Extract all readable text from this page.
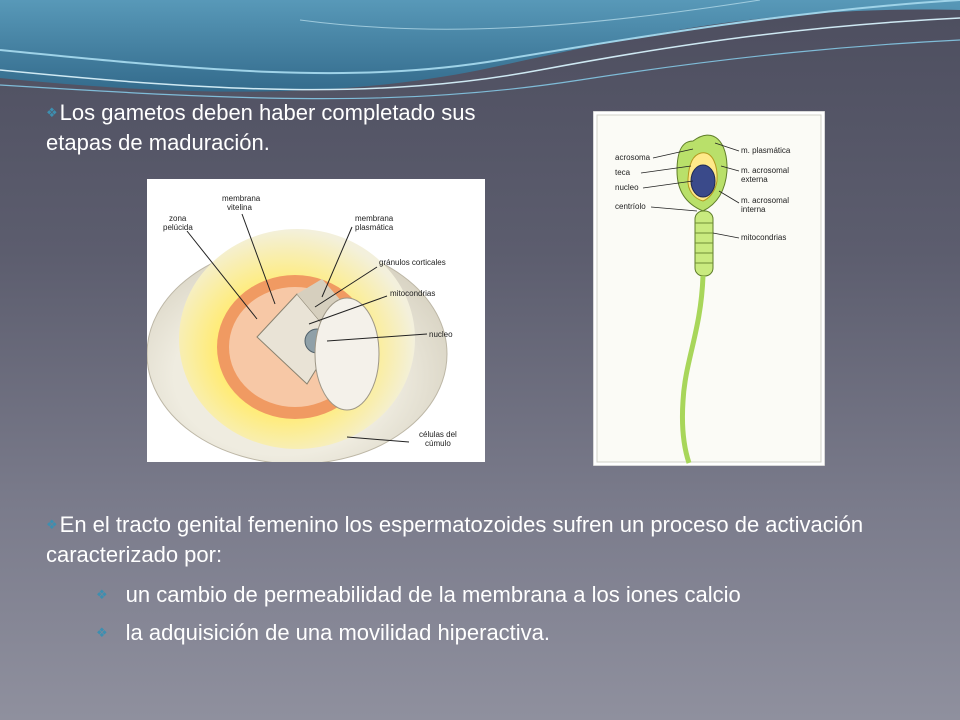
❖Los gametos deben haber completado sus etapas de maduración.
zona
pelúcida
membrana
vitelina
membrana
plasmática
gránulos corticales
mitocondrias
nucleo
células del
cúmulo
acrosoma
teca
nucleo
centríolo
m. plasmática
m. acrosomal
externa
m. acrosomal
interna
mitocondrias
❖En el tracto genital femenino los espermatozoides sufren un proceso de activación caracterizado por:
❖ un cambio de permeabilidad de la membrana a los iones calcio
❖ la adquisición de una movilidad hiperactiva.
